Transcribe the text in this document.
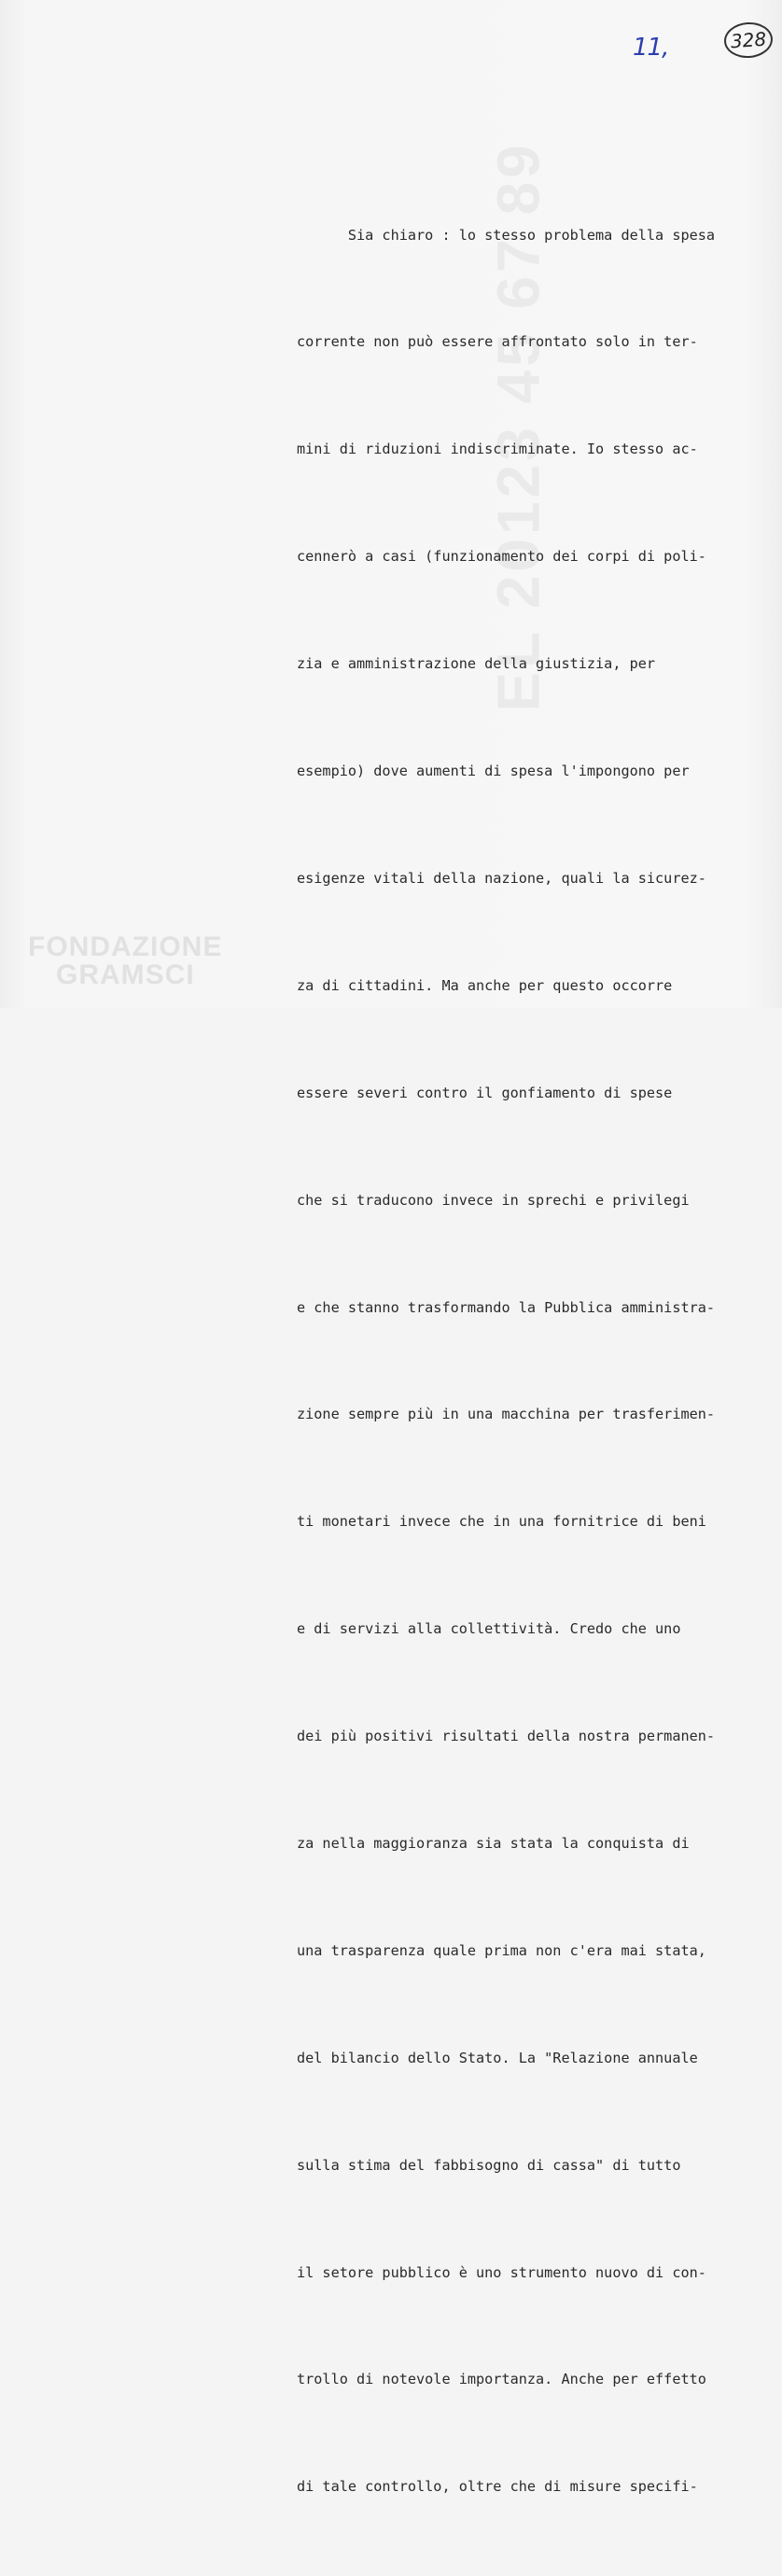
EL 20123 45 67 89
11,	328

Sia chiaro : lo stesso problema della spesa

corrente non può essere affrontato solo in ter-

mini di riduzioni indiscriminate. Io stesso ac-

cennerò a casi (funzionamento dei corpi di poli-

zia e amministrazione della giustizia, per

esempio) dove aumenti di spesa l'impongono per

esigenze vitali della nazione, quali la sicurez-

za di cittadini. Ma anche per questo occorre

essere severi contro il gonfiamento di spese

che si traducono invece in sprechi e privilegi

e che stanno trasformando la Pubblica amministra-

zione sempre più in una macchina per trasferimen-

ti monetari invece che in una fornitrice di beni

e di servizi alla collettività. Credo che uno

dei più positivi risultati della nostra permanen-

za nella maggioranza sia stata la conquista di

una trasparenza quale prima non c'era mai stata,

del bilancio dello Stato. La "Relazione annuale

sulla stima del fabbisogno di cassa" di tutto

il setore pubblico è uno strumento nuovo di con-

trollo di notevole importanza. Anche per effetto

di tale controllo, oltre che di misure specifi-

FONDAZIONE
GRAMSCI
